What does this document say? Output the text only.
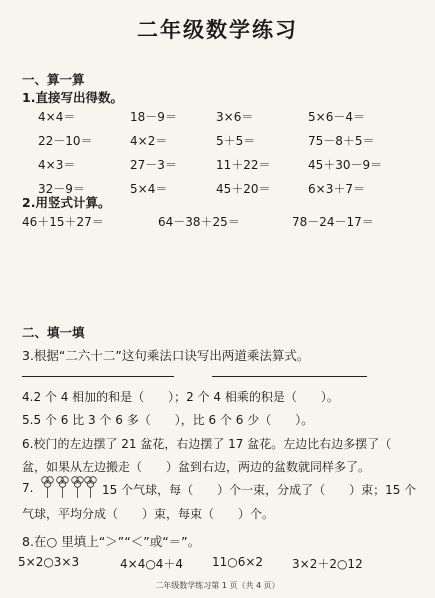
二年级数学练习
一、算一算
1.直接写出得数。
4×4＝	18－9＝	3×6＝	5×6－4＝
22－10＝	4×2＝	5＋5＝	75－8＋5＝
4×3＝	27－3＝	11＋22＝	45＋30－9＝
32－9＝	5×4＝	45＋20＝	6×3＋7＝
2.用竖式计算。
46＋15＋27＝	64－38＋25＝	78－24－17＝
二、填一填
3.根据“二六十二”这句乘法口诀写出两道乘法算式。
4.2 个 4 相加的和是（　　）；2 个 4 相乘的积是（　　）。
5.5 个 6 比 3 个 6 多（　　），比 6 个 6 少（　　）。
6.校门的左边摆了 21 盆花，右边摆了 17 盆花。左边比右边多摆了（
盆，如果从左边搬走（　　）盆到右边，两边的盆数就同样多了。
7.	15 个气球，每（　　）个一束，分成了（　　）束；15 个
气球，平均分成（　　）束，每束（　　）个。
8.在○ 里填上“＞”“＜”或“＝”。
5×2○3×3	4×4○4＋4 11○6×2 3×2＋2○12
二年级数学练习第 1 页（共 4 页）
